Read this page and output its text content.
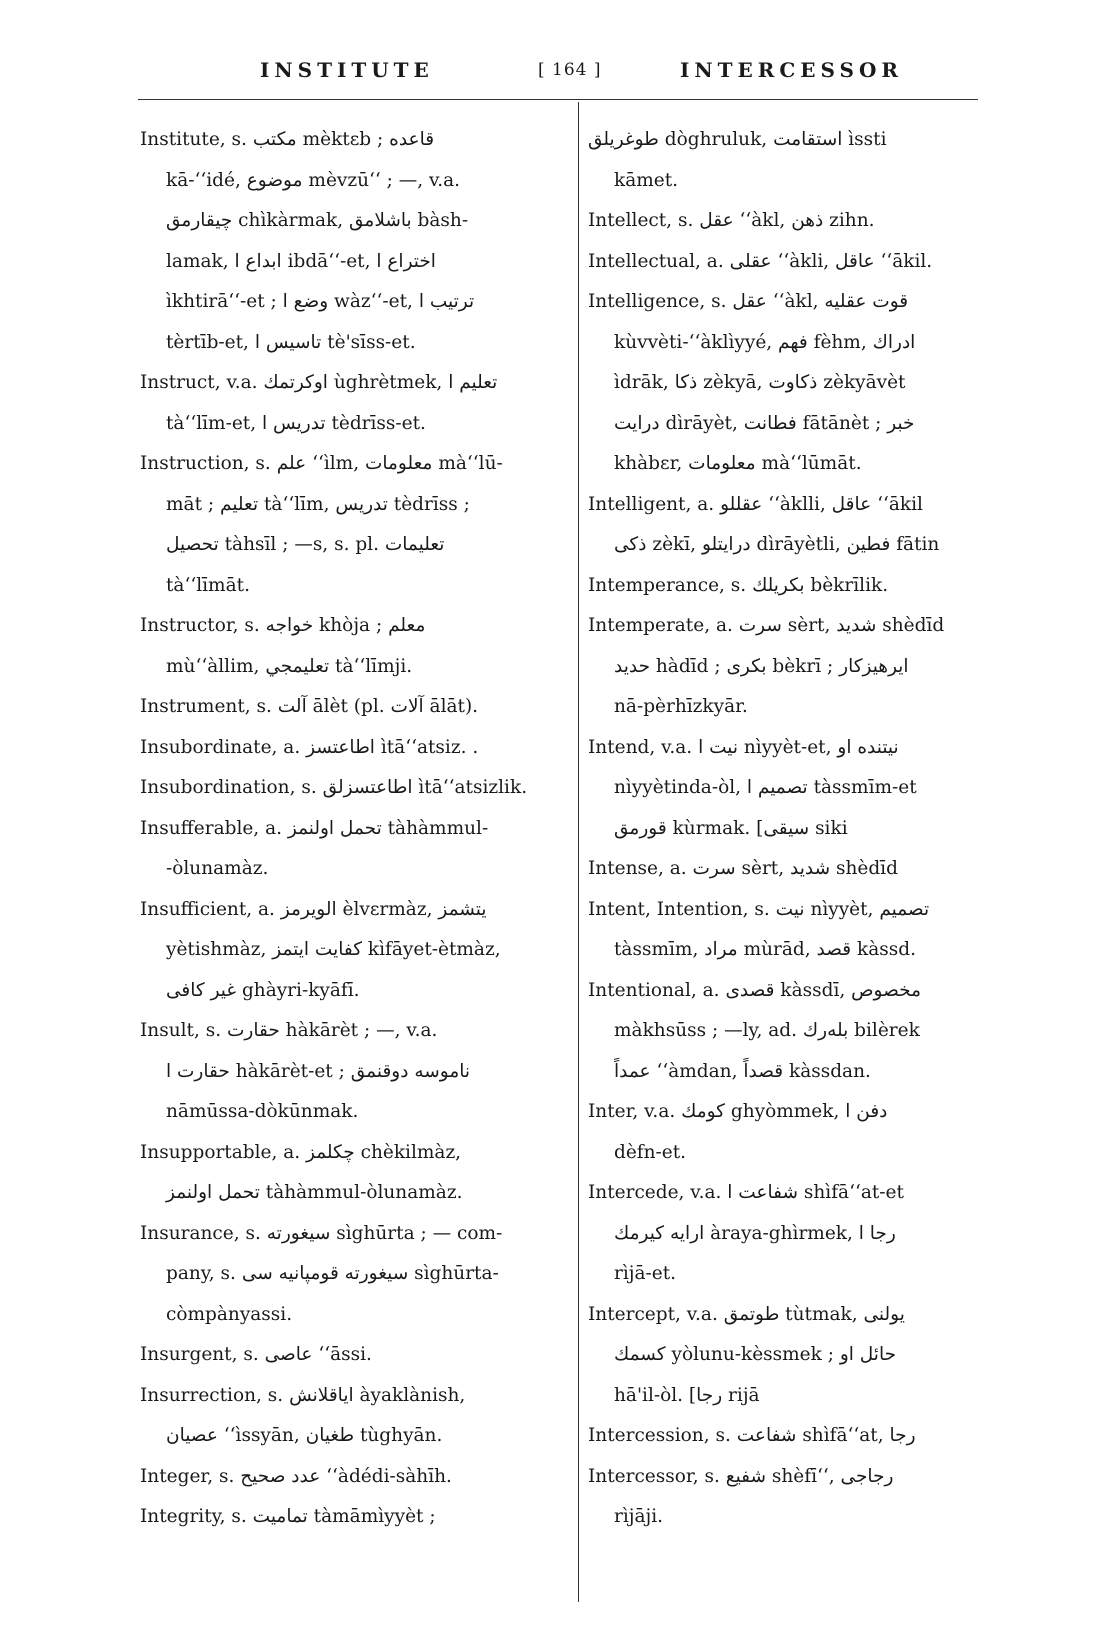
INSTITUTE	[ 164 ]	INTERCESSOR
Institute, s. مكتب mèktɛb ; قاعده
kā-‘‘idé, موضوع mèvzū‘‘ ; —, v.a.
چيقارمق chìkàrmak, باشلامق bàsh-
lamak, ابداع ا ibdā‘‘-et, اختراع ا
ìkhtirā‘‘-et ; وضع ا wàz‘‘-et, ترتيب ا
tèrtīb-et, تاسيس ا tè'sīss-et.
Instruct, v.a. اوكرتمك ùghrètmek, تعليم ا
tà‘‘līm-et, تدريس ا tèdrīss-et.
Instruction, s. علم ‘‘ìlm, معلومات mà‘‘lū-
māt ; تعليم tà‘‘līm, تدريس tèdrīss ;
تحصيل tàhsīl ; —s, s. pl. تعليمات
tà‘‘līmāt.
Instructor, s. خواجه khòja ; معلم
mù‘‘àllim, تعليمجي tà‘‘līmji.
Instrument, s. آلت ālèt (pl. آلات ālāt).
Insubordinate, a. اطاعتسز ìtā‘‘atsiz. .
Insubordination, s. اطاعتسزلق ìtā‘‘atsizlik.
Insufferable, a. تحمل اولنمز tàhàmmul-
-òlunamàz.
Insufficient, a. الويرمز èlvɛrmàz, يتشمز
yètishmàz, كفايت ايتمز kìfāyet-ètmàz,
غير كافى ghàyri-kyāfī.
Insult, s. حقارت hàkārèt ; —, v.a.
حقارت ا hàkārèt-et ; ناموسه دوقنمق
nāmūssa-dòkūnmak.
Insupportable, a. چكلمز chèkilmàz,
تحمل اولنمز tàhàmmul-òlunamàz.
Insurance, s. سيغورته sìghūrta ; — com-
pany, s. سيغورته قومپانيه سى sìghūrta-
còmpànyassi.
Insurgent, s. عاصى ‘‘āssi.
Insurrection, s. اياقلانش àyaklànish,
عصيان ‘‘ìssyān, طغيان tùghyān.
Integer, s. عدد صحيح ‘‘àdédi-sàhīh.
Integrity, s. تماميت tàmāmìyyèt ;
طوغريلق dòghruluk, استقامت ìssti
kāmet.
Intellect, s. عقل ‘‘àkl, ذهن zihn.
Intellectual, a. عقلى ‘‘àkli, عاقل ‘‘ākil.
Intelligence, s. عقل ‘‘àkl, قوت عقليه
kùvvèti-‘‘àklìyyé, فهم fèhm, ادراك
ìdrāk, ذكا zèkyā, ذكاوت zèkyāvèt
درايت dìrāyèt, فطانت fātānèt ; خبر
khàbɛr, معلومات mà‘‘lūmāt.
Intelligent, a. عقللو ‘‘àklli, عاقل ‘‘ākil
ذكى zèkī, درايتلو dìrāyètli, فطين fātin
Intemperance, s. بكريلك bèkrīlik.
Intemperate, a. سرت sèrt, شديد shèdīd
حديد hàdīd ; بكرى bèkrī ; ايرهيزكار
nā-pèrhīzkyār.
Intend, v.a. نيت ا nìyyèt-et, نيتنده او
nìyyètinda-òl, تصميم ا tàssmīm-et
قورمق kùrmak. [سيقى siki
Intense, a. سرت sèrt, شديد shèdīd
Intent, Intention, s. نيت nìyyèt, تصميم
tàssmīm, مراد mùrād, قصد kàssd.
Intentional, a. قصدى kàssdī, مخصوص
màkhsūss ; —ly, ad. بلەرك bilèrek
عمداً ‘‘àmdan, قصداً kàssdan.
Inter, v.a. كومك ghyòmmek, دفن ا
dèfn-et.
Intercede, v.a. شفاعت ا shìfā‘‘at-et
ارايه كيرمك àraya-ghìrmek, رجا ا
rìjā-et.
Intercept, v.a. طوتمق tùtmak, يولنى
كسمك yòlunu-kèssmek ; حائل او
hā'il-òl. [رجا rijā
Intercession, s. شفاعت shìfā‘‘at, رجا
Intercessor, s. شفيع shèfī‘‘, رجاجى
rìjāji.
